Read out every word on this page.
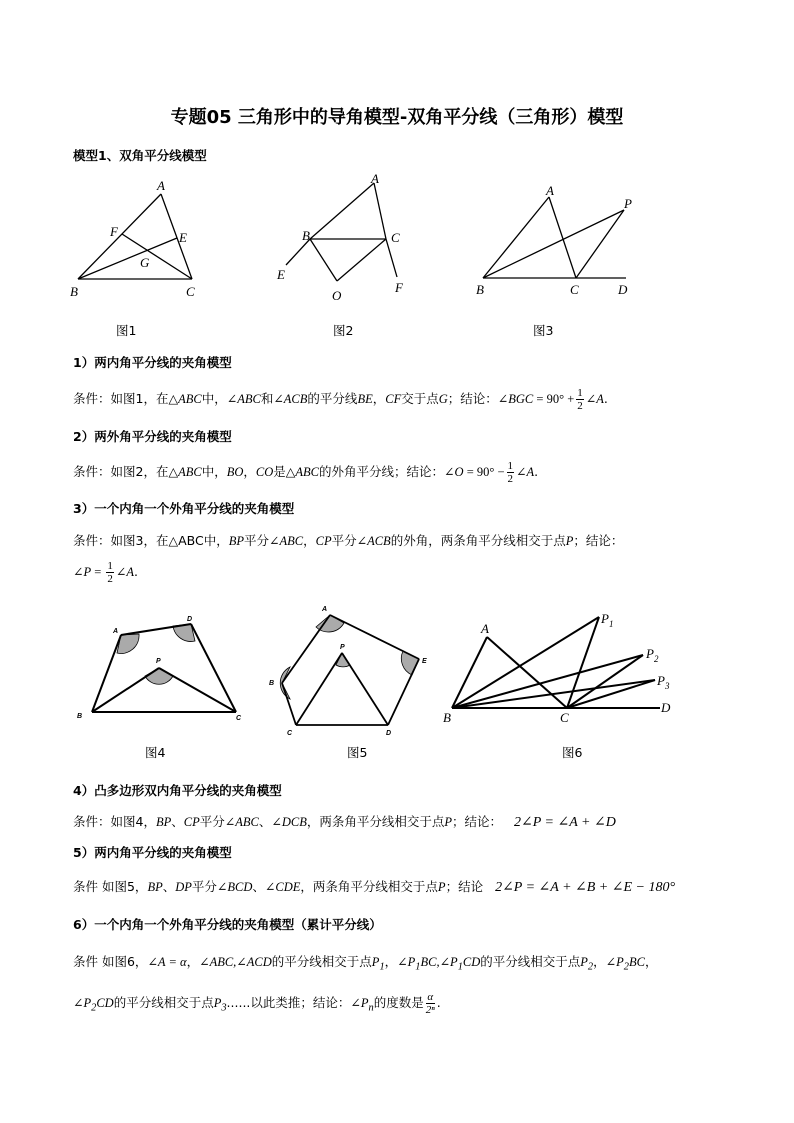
专题05 三角形中的导角模型-双角平分线（三角形）模型
模型1、双角平分线模型
A
B	C
E
F
G
图1
A
B	C
E
F
O
图2
A
P
B	C	D
图3
1）两内角平分线的夹角模型
条件：如图1，在△ABC中，∠ABC和∠ACB的平分线BE，CF交于点G；结论：∠BGC = $90^\circ + \frac{1}{2}$ ∠A.
2）两外角平分线的夹角模型
条件：如图2，在△ABC中，BO，CO是△ABC的外角平分线；结论：∠O = $90^\circ - \frac{1}{2}$ ∠A.
3）一个内角一个外角平分线的夹角模型
条件：如图3，在△ABC中，BP平分∠ABC，CP平分∠ACB的外角，两条角平分线相交于点P；结论：
∠P = $\frac{1}{2}$ ∠A.
A
D
P
B	C
图4
A
E
P
B
C	D
图5
A
$P_1$
$P_2$
$P_3$
D
B	C
图6
4）凸多边形双内角平分线的夹角模型
条件：如图4，BP、CP平分∠ABC、∠DCB，两条角平分线相交于点P；结论： 2∠P = ∠A + ∠D
5）两内角平分线的夹角模型
条件 如图5，BP、DP平分∠BCD、∠CDE，两条角平分线相交于点P；结论 2∠P = ∠A + ∠B + ∠E − 180°
6）一个内角一个外角平分线的夹角模型（累计平分线）
条件 如图6，∠A = α，∠ABC,∠ACD的平分线相交于点$P_1$，$\angle P_1BC,\angle P_1CD$的平分线相交于点$P_2$，$\angle P_2BC$，
$\angle P_2CD$的平分线相交于点$P_3$......以此类推；结论：$\angle P_n$的度数是 $\frac{\alpha}{\text{2ⁿ}}$ .
